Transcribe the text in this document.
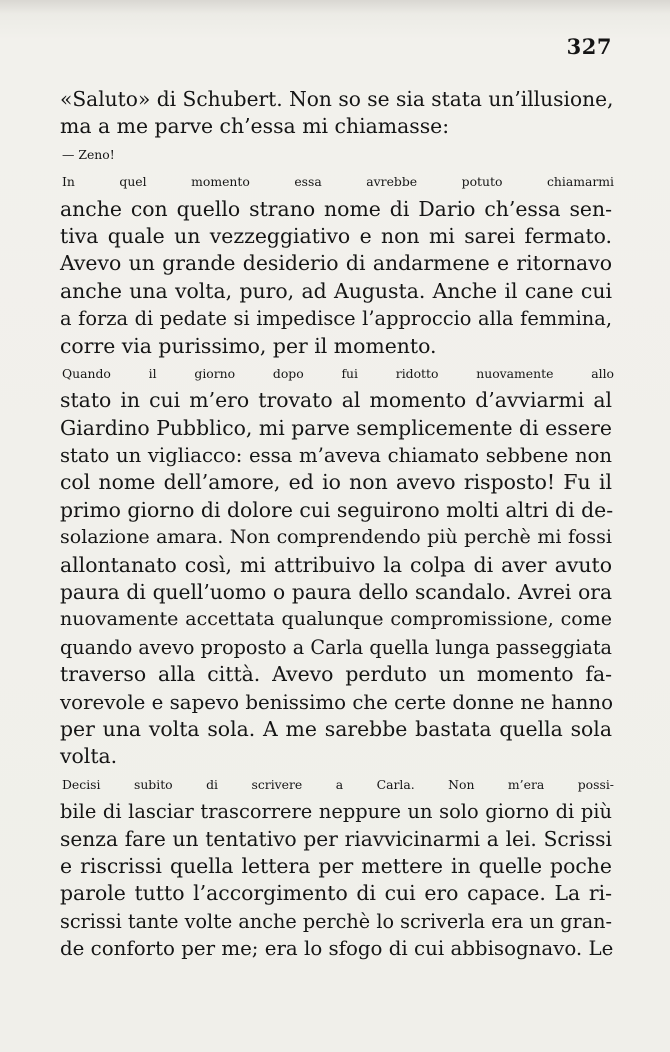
327
«Saluto» di Schubert. Non so se sia stata un’illusione,
ma a me parve ch’essa mi chiamasse:
— Zeno!
In quel momento essa avrebbe potuto chiamarmi
anche con quello strano nome di Dario ch’essa sen-
tiva quale un vezzeggiativo e non mi sarei fermato.
Avevo un grande desiderio di andarmene e ritornavo
anche una volta, puro, ad Augusta. Anche il cane cui
a forza di pedate si impedisce l’approccio alla femmina,
corre via purissimo, per il momento.
Quando il giorno dopo fui ridotto nuovamente allo
stato in cui m’ero trovato al momento d’avviarmi al
Giardino Pubblico, mi parve semplicemente di essere
stato un vigliacco: essa m’aveva chiamato sebbene non
col nome dell’amore, ed io non avevo risposto! Fu il
primo giorno di dolore cui seguirono molti altri di de-
solazione amara. Non comprendendo più perchè mi fossi
allontanato così, mi attribuivo la colpa di aver avuto
paura di quell’uomo o paura dello scandalo. Avrei ora
nuovamente accettata qualunque compromissione, come
quando avevo proposto a Carla quella lunga passeggiata
traverso alla città. Avevo perduto un momento fa-
vorevole e sapevo benissimo che certe donne ne hanno
per una volta sola. A me sarebbe bastata quella sola
volta.
Decisi subito di scrivere a Carla. Non m’era possi-
bile di lasciar trascorrere neppure un solo giorno di più
senza fare un tentativo per riavvicinarmi a lei. Scrissi
e riscrissi quella lettera per mettere in quelle poche
parole tutto l’accorgimento di cui ero capace. La ri-
scrissi tante volte anche perchè lo scriverla era un gran-
de conforto per me; era lo sfogo di cui abbisognavo. Le
